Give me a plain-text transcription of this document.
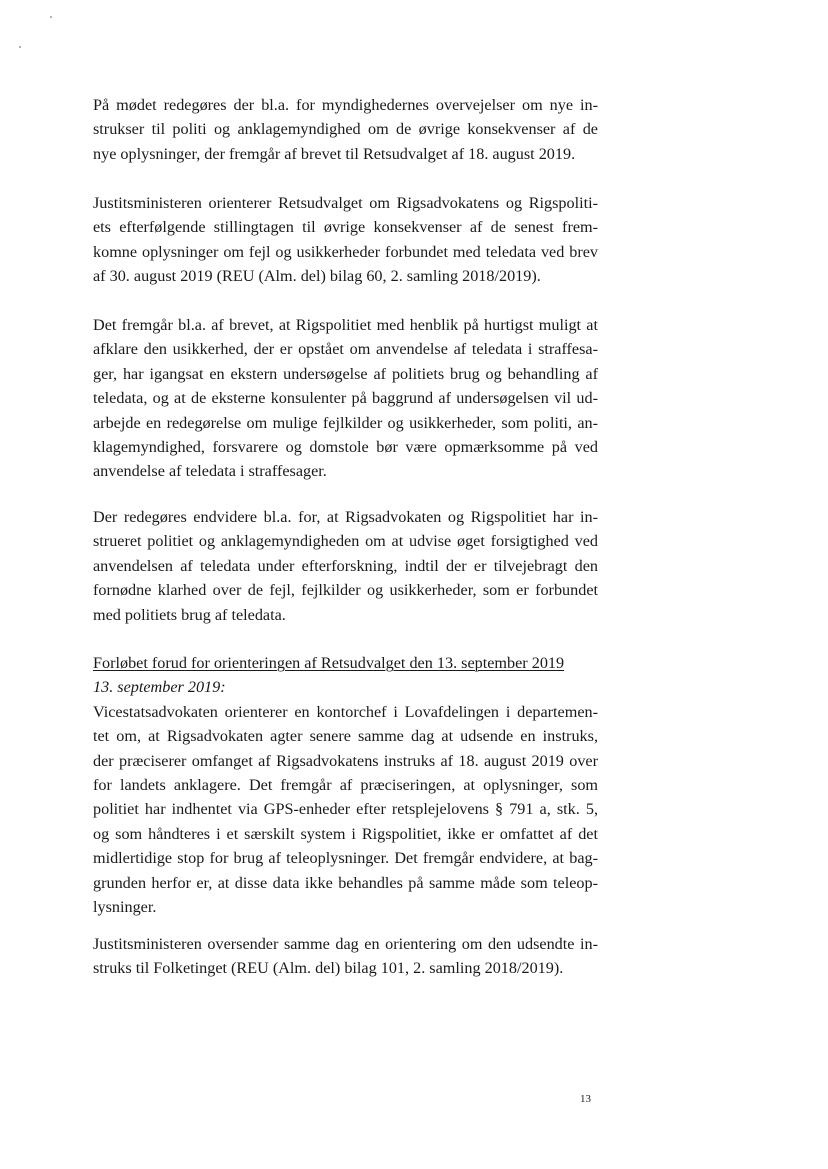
På mødet redegøres der bl.a. for myndighedernes overvejelser om nye in-
strukser til politi og anklagemyndighed om de øvrige konsekvenser af de
nye oplysninger, der fremgår af brevet til Retsudvalget af 18. august 2019.
Justitsministeren orienterer Retsudvalget om Rigsadvokatens og Rigspoliti-
ets efterfølgende stillingtagen til øvrige konsekvenser af de senest frem-
komne oplysninger om fejl og usikkerheder forbundet med teledata ved brev
af 30. august 2019 (REU (Alm. del) bilag 60, 2. samling 2018/2019).
Det fremgår bl.a. af brevet, at Rigspolitiet med henblik på hurtigst muligt at
afklare den usikkerhed, der er opstået om anvendelse af teledata i straffesa-
ger, har igangsat en ekstern undersøgelse af politiets brug og behandling af
teledata, og at de eksterne konsulenter på baggrund af undersøgelsen vil ud-
arbejde en redegørelse om mulige fejlkilder og usikkerheder, som politi, an-
klagemyndighed, forsvarere og domstole bør være opmærksomme på ved
anvendelse af teledata i straffesager.
Der redegøres endvidere bl.a. for, at Rigsadvokaten og Rigspolitiet har in-
strueret politiet og anklagemyndigheden om at udvise øget forsigtighed ved
anvendelsen af teledata under efterforskning, indtil der er tilvejebragt den
fornødne klarhed over de fejl, fejlkilder og usikkerheder, som er forbundet
med politiets brug af teledata.
Forløbet forud for orienteringen af Retsudvalget den 13. september 2019
13. september 2019:
Vicestatsadvokaten orienterer en kontorchef i Lovafdelingen i departemen-
tet om, at Rigsadvokaten agter senere samme dag at udsende en instruks,
der præciserer omfanget af Rigsadvokatens instruks af 18. august 2019 over
for landets anklagere. Det fremgår af præciseringen, at oplysninger, som
politiet har indhentet via GPS-enheder efter retsplejelovens § 791 a, stk. 5,
og som håndteres i et særskilt system i Rigspolitiet, ikke er omfattet af det
midlertidige stop for brug af teleoplysninger. Det fremgår endvidere, at bag-
grunden herfor er, at disse data ikke behandles på samme måde som teleop-
lysninger.
Justitsministeren oversender samme dag en orientering om den udsendte in-
struks til Folketinget (REU (Alm. del) bilag 101, 2. samling 2018/2019).
13
